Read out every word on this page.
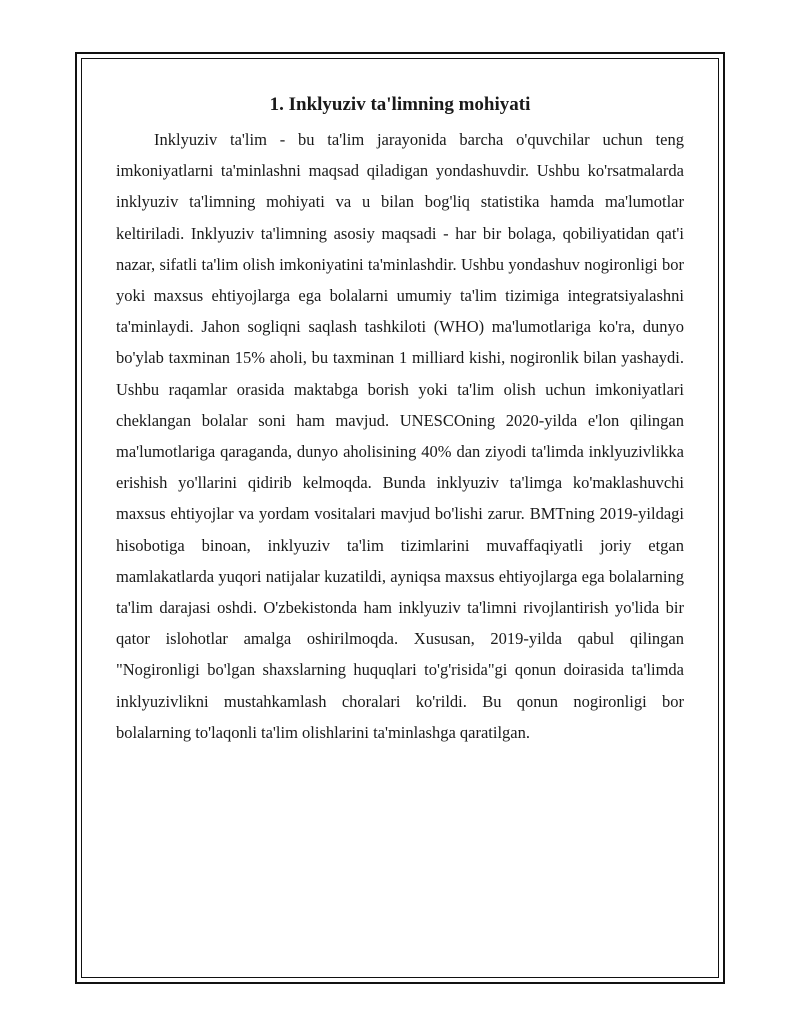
1. Inklyuziv ta'limning mohiyati

Inklyuziv ta'lim - bu ta'lim jarayonida barcha o'quvchilar uchun teng imkoniyatlarni ta'minlashni maqsad qiladigan yondashuvdir. Ushbu ko'rsatmalarda inklyuziv ta'limning mohiyati va u bilan bog'liq statistika hamda ma'lumotlar keltiriladi. Inklyuziv ta'limning asosiy maqsadi - har bir bolaga, qobiliyatidan qat'i nazar, sifatli ta'lim olish imkoniyatini ta'minlashdir. Ushbu yondashuv nogironligi bor yoki maxsus ehtiyojlarga ega bolalarni umumiy ta'lim tizimiga integratsiyalashni ta'minlaydi. Jahon sogliqni saqlash tashkiloti (WHO) ma'lumotlariga ko'ra, dunyo bo'ylab taxminan 15% aholi, bu taxminan 1 milliard kishi, nogironlik bilan yashaydi. Ushbu raqamlar orasida maktabga borish yoki ta'lim olish uchun imkoniyatlari cheklangan bolalar soni ham mavjud. UNESCOning 2020-yilda e'lon qilingan ma'lumotlariga qaraganda, dunyo aholisining 40% dan ziyodi ta'limda inklyuzivlikka erishish yo'llarini qidirib kelmoqda. Bunda inklyuziv ta'limga ko'maklashuvchi maxsus ehtiyojlar va yordam vositalari mavjud bo'lishi zarur. BMTning 2019-yildagi hisobotiga binoan, inklyuziv ta'lim tizimlarini muvaffaqiyatli joriy etgan mamlakatlarda yuqori natijalar kuzatildi, ayniqsa maxsus ehtiyojlarga ega bolalarning ta'lim darajasi oshdi. O'zbekistonda ham inklyuziv ta'limni rivojlantirish yo'lida bir qator islohotlar amalga oshirilmoqda. Xususan, 2019-yilda qabul qilingan "Nogironligi bo'lgan shaxslarning huquqlari to'g'risida"gi qonun doirasida ta'limda inklyuzivlikni mustahkamlash choralari ko'rildi. Bu qonun nogironligi bor bolalarning to'laqonli ta'lim olishlarini ta'minlashga qaratilgan.
